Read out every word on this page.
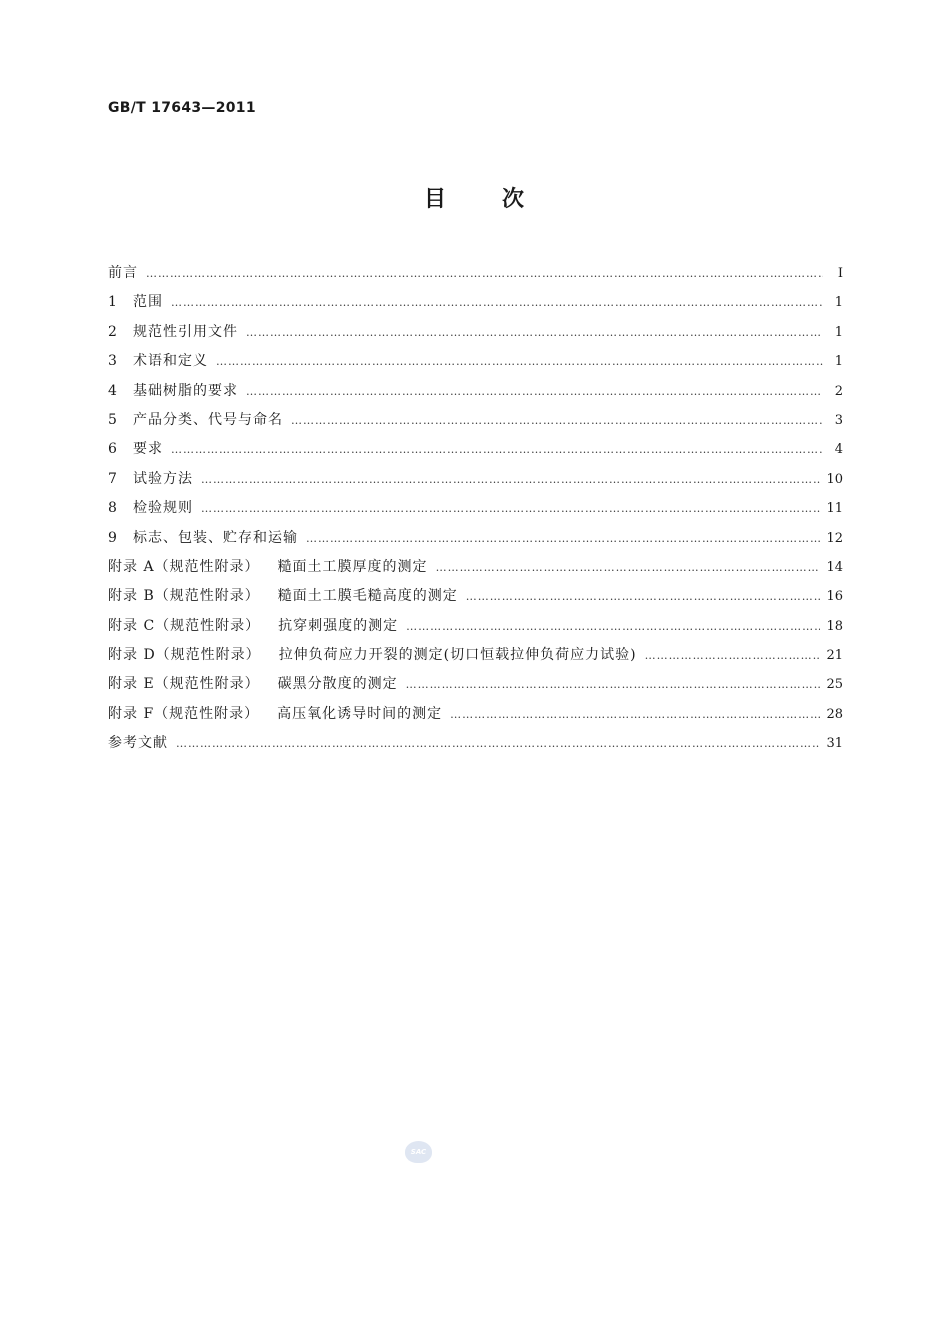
GB/T 17643—2011
目 次
前言 …………………………………………………………………………………………………………………………………………………………………………………………………………	Ⅰ
1	范围 …………………………………………………………………………………………………………………………………………………………………………………………………………	1
2	规范性引用文件 …………………………………………………………………………………………………………………………………………………………………………………………………………	1
3	术语和定义 …………………………………………………………………………………………………………………………………………………………………………………………………………	1
4	基础树脂的要求 …………………………………………………………………………………………………………………………………………………………………………………………………………	2
5	产品分类、代号与命名 …………………………………………………………………………………………………………………………………………………………………………………………………………	3
6	要求 …………………………………………………………………………………………………………………………………………………………………………………………………………	4
7	试验方法 …………………………………………………………………………………………………………………………………………………………………………………………………………	10
8	检验规则 …………………………………………………………………………………………………………………………………………………………………………………………………………	11
9	标志、包装、贮存和运输 …………………………………………………………………………………………………………………………………………………………………………………………………………	12
附录 A（规范性附录） 糙面土工膜厚度的测定 …………………………………………………………………………………………………………………………………………………………………………………………………………	14
附录 B（规范性附录） 糙面土工膜毛糙高度的测定 …………………………………………………………………………………………………………………………………………………………………………………………………………	16
附录 C（规范性附录） 抗穿刺强度的测定 …………………………………………………………………………………………………………………………………………………………………………………………………………	18
附录 D（规范性附录） 拉伸负荷应力开裂的测定(切口恒载拉伸负荷应力试验) …………………………………………………………………………………………………………………………………………………………………………………………………………	21
附录 E（规范性附录） 碳黑分散度的测定 …………………………………………………………………………………………………………………………………………………………………………………………………………	25
附录 F（规范性附录） 高压氧化诱导时间的测定 …………………………………………………………………………………………………………………………………………………………………………………………………………	28
参考文献 …………………………………………………………………………………………………………………………………………………………………………………………………………	31
SAC
